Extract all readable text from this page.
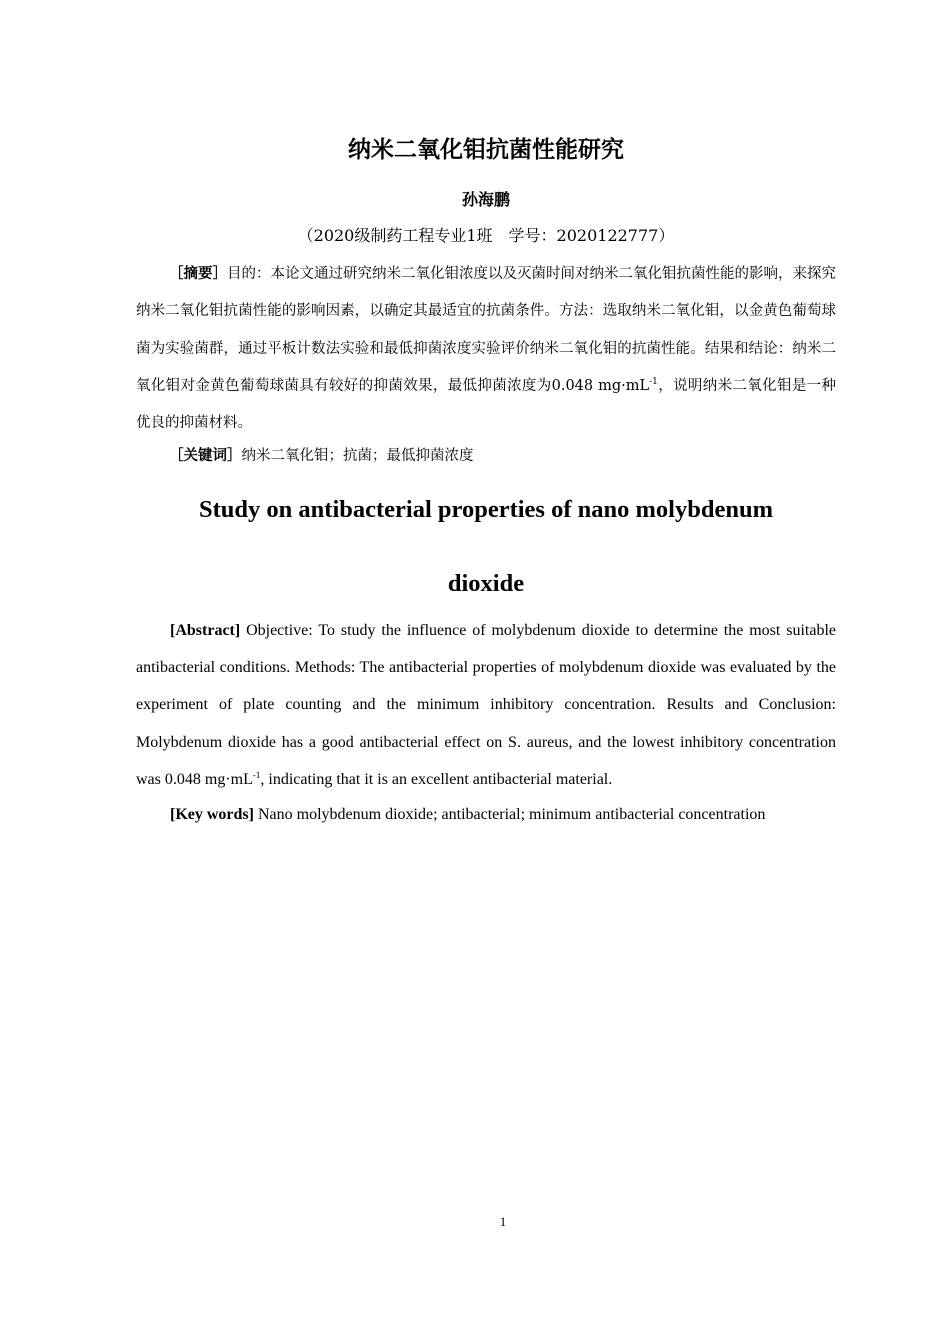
纳米二氧化钼抗菌性能研究
孙海鹏
（2020级制药工程专业1班　学号：2020122777）

［摘要］目的：本论文通过研究纳米二氧化钼浓度以及灭菌时间对纳米二氧化钼抗菌性能的影响，来探究纳米二氧化钼抗菌性能的影响因素，以确定其最适宜的抗菌条件。方法：选取纳米二氧化钼，以金黄色葡萄球菌为实验菌群，通过平板计数法实验和最低抑菌浓度实验评价纳米二氧化钼的抗菌性能。结果和结论：纳米二氧化钼对金黄色葡萄球菌具有较好的抑菌效果，最低抑菌浓度为0.048 $mg\cdot mL^{-1}$，说明纳米二氧化钼是一种优良的抑菌材料。

［关键词］纳米二氧化钼；抗菌；最低抑菌浓度

Study on antibacterial properties of nano molybdenum
dioxide

[Abstract] Objective: To study the influence of molybdenum dioxide to determine the most suitable antibacterial conditions. Methods: The antibacterial properties of molybdenum dioxide was evaluated by the experiment of plate counting and the minimum inhibitory concentration. Results and Conclusion: Molybdenum dioxide has a good antibacterial effect on S. aureus, and the lowest inhibitory concentration was 0.048 $mg\cdot mL^{-1}$, indicating that it is an excellent antibacterial material.

[Key words] Nano molybdenum dioxide; antibacterial; minimum antibacterial concentration

1
